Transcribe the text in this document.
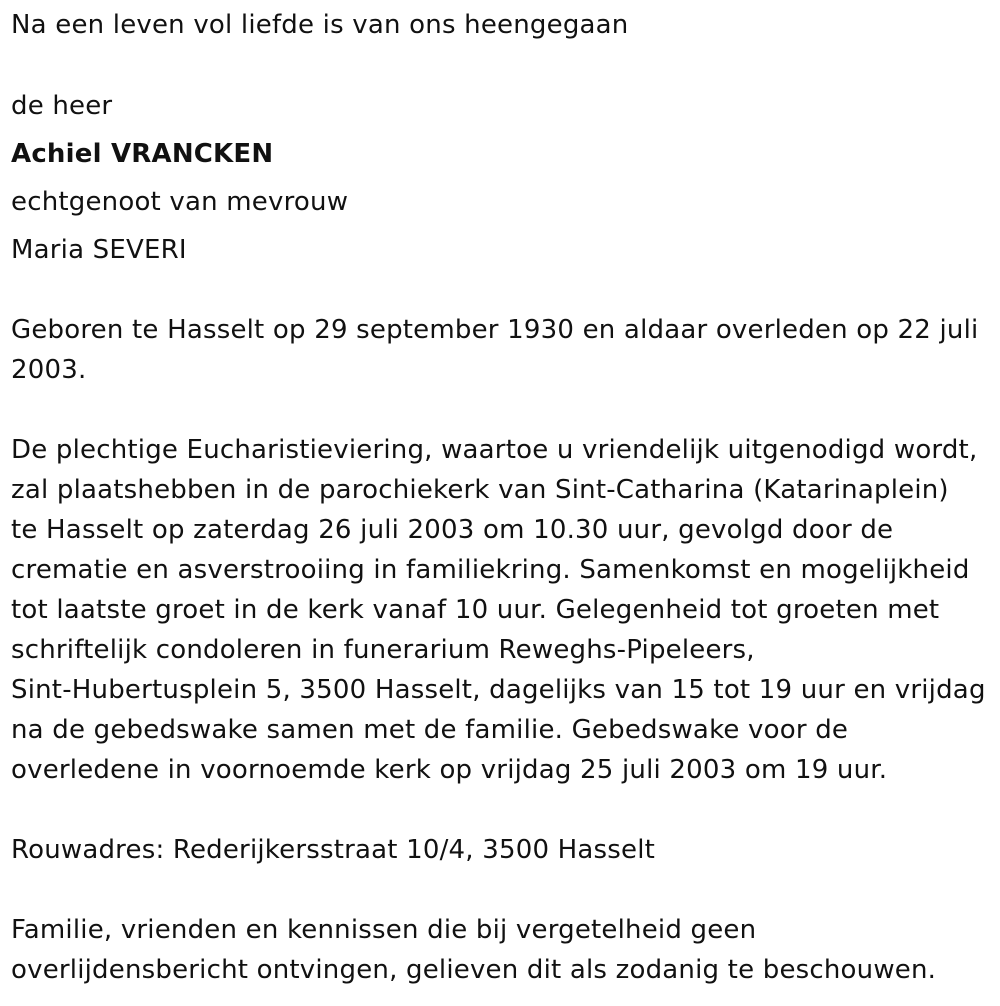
Na een leven vol liefde is van ons heengegaan
de heer
Achiel VRANCKEN
echtgenoot van mevrouw
Maria SEVERI
Geboren te Hasselt op 29 september 1930 en aldaar overleden op 22 juli
2003.
De plechtige Eucharistieviering, waartoe u vriendelijk uitgenodigd wordt,
zal plaatshebben in de parochiekerk van Sint-Catharina (Katarinaplein)
te Hasselt op zaterdag 26 juli 2003 om 10.30 uur, gevolgd door de
crematie en asverstrooiing in familiekring. Samenkomst en mogelijkheid
tot laatste groet in de kerk vanaf 10 uur. Gelegenheid tot groeten met
schriftelijk condoleren in funerarium Reweghs-Pipeleers,
Sint-Hubertusplein 5, 3500 Hasselt, dagelijks van 15 tot 19 uur en vrijdag
na de gebedswake samen met de familie. Gebedswake voor de
overledene in voornoemde kerk op vrijdag 25 juli 2003 om 19 uur.
Rouwadres: Rederijkersstraat 10/4, 3500 Hasselt
Familie, vrienden en kennissen die bij vergetelheid geen
overlijdensbericht ontvingen, gelieven dit als zodanig te beschouwen.
